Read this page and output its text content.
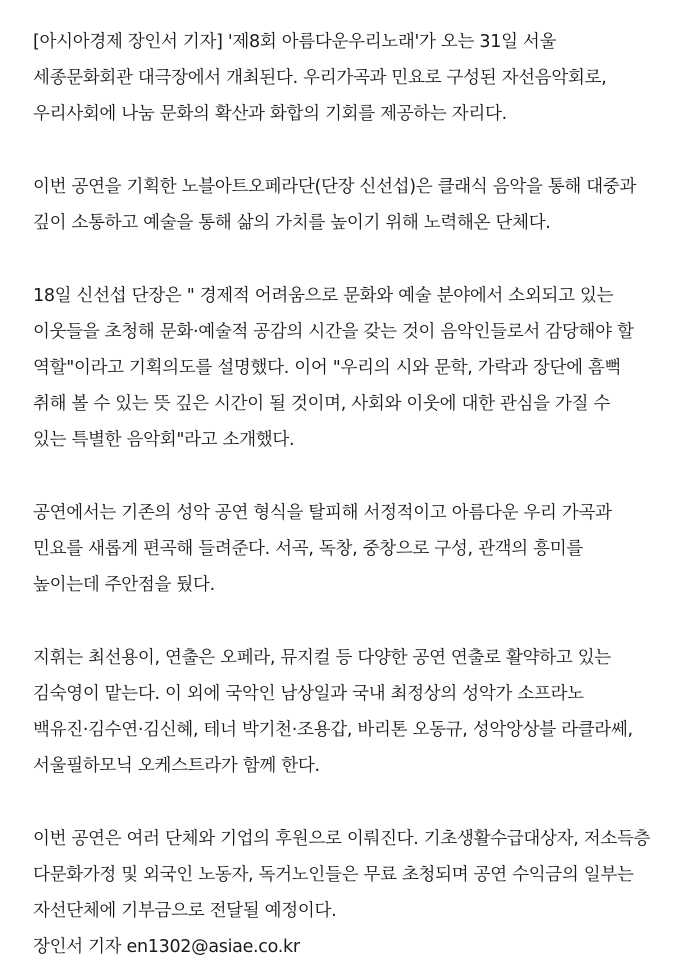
[아시아경제 장인서 기자] '제8회 아름다운우리노래'가 오는 31일 서울
세종문화회관 대극장에서 개최된다. 우리가곡과 민요로 구성된 자선음악회로,
우리사회에 나눔 문화의 확산과 화합의 기회를 제공하는 자리다.
이번 공연을 기획한 노블아트오페라단(단장 신선섭)은 클래식 음악을 통해 대중과
깊이 소통하고 예술을 통해 삶의 가치를 높이기 위해 노력해온 단체다.
18일 신선섭 단장은 " 경제적 어려움으로 문화와 예술 분야에서 소외되고 있는
이웃들을 초청해 문화·예술적 공감의 시간을 갖는 것이 음악인들로서 감당해야 할
역할"이라고 기획의도를 설명했다. 이어 "우리의 시와 문학, 가락과 장단에 흠뻑
취해 볼 수 있는 뜻 깊은 시간이 될 것이며, 사회와 이웃에 대한 관심을 가질 수
있는 특별한 음악회"라고 소개했다.
공연에서는 기존의 성악 공연 형식을 탈피해 서정적이고 아름다운 우리 가곡과
민요를 새롭게 편곡해 들려준다. 서곡, 독창, 중창으로 구성, 관객의 흥미를
높이는데 주안점을 뒀다.
지휘는 최선용이, 연출은 오페라, 뮤지컬 등 다양한 공연 연출로 활약하고 있는
김숙영이 맡는다. 이 외에 국악인 남상일과 국내 최정상의 성악가 소프라노
백유진·김수연·김신혜, 테너 박기천·조용갑, 바리톤 오동규, 성악앙상블 라클라쎄,
서울필하모닉 오케스트라가 함께 한다.
이번 공연은 여러 단체와 기업의 후원으로 이뤄진다. 기초생활수급대상자, 저소득층
다문화가정 및 외국인 노동자, 독거노인들은 무료 초청되며 공연 수익금의 일부는
자선단체에 기부금으로 전달될 예정이다.
장인서 기자 en1302@asiae.co.kr
